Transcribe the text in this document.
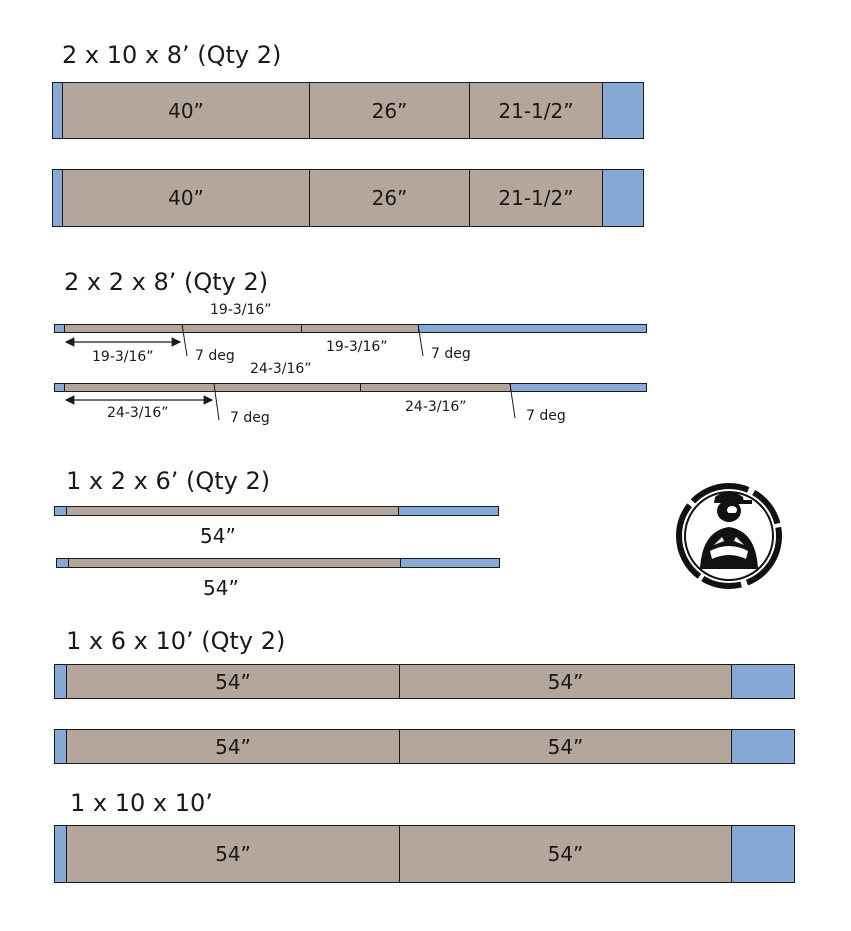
2 x 10 x 8’ (Qty 2)
40”	26”	21-1/2”
40”	26”	21-1/2”
2 x 2 x 8’ (Qty 2)
19-3/16”
19-3/16”
19-3/16”	7 deg	7 deg
24-3/16”
24-3/16”
24-3/16”	7 deg	7 deg
1 x 2 x 6’ (Qty 2)
54”
54”
1 x 6 x 10’ (Qty 2)
54”	54”
54”	54”
1 x 10 x 10’
54”	54”
